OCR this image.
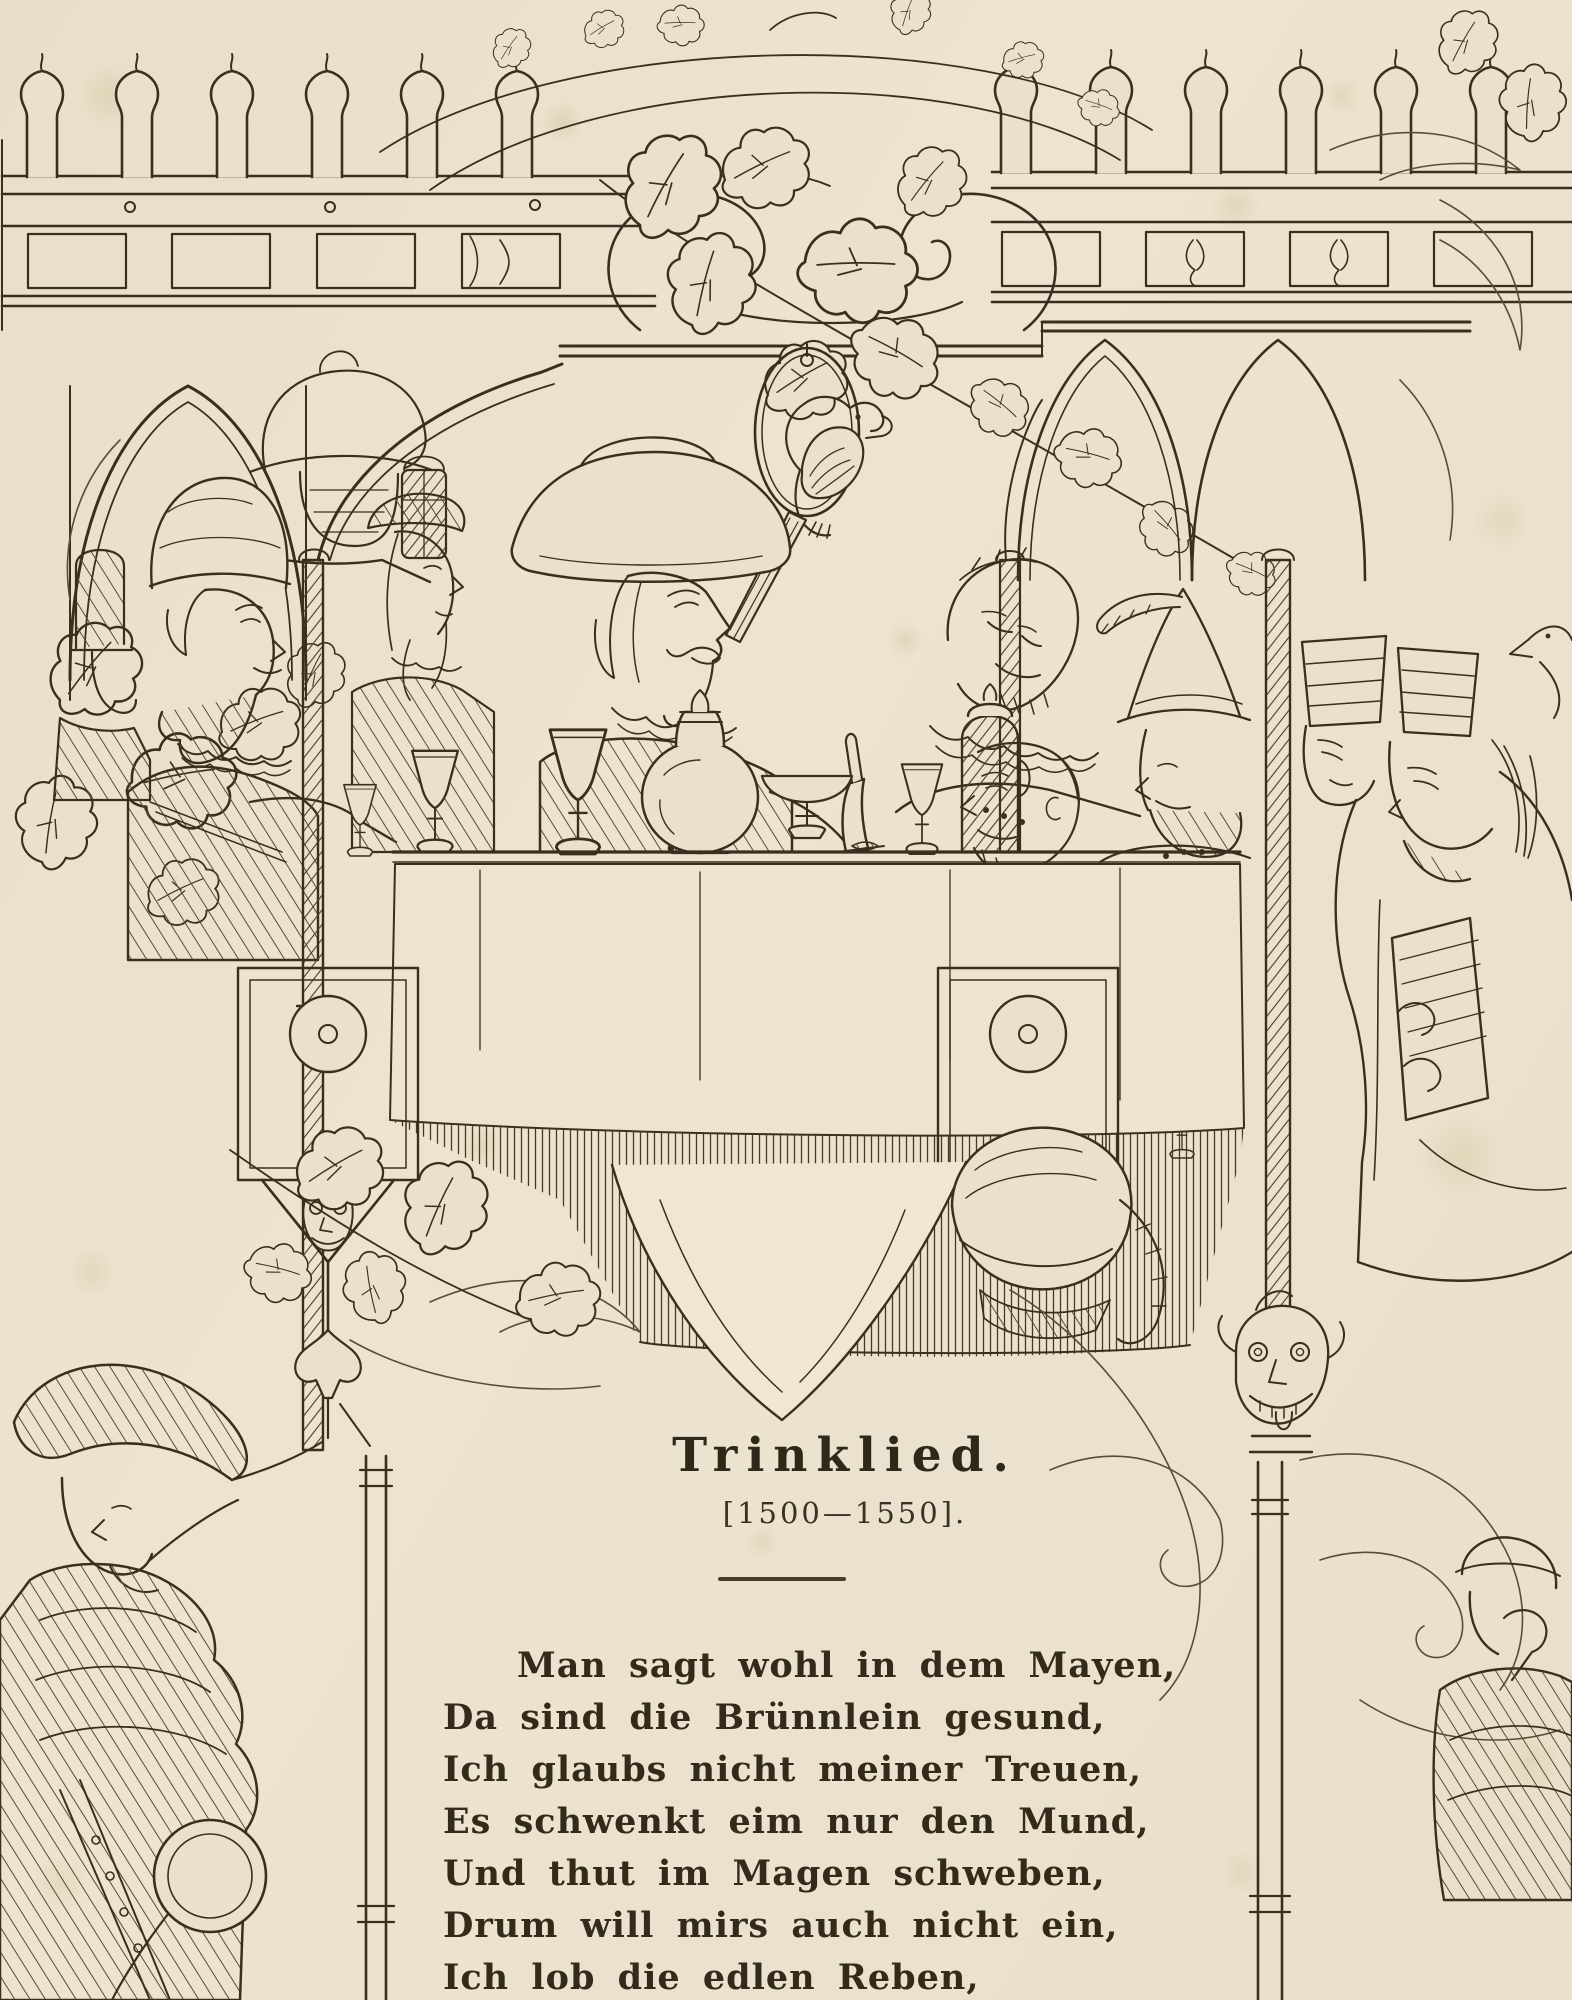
Trinklied.
[1500—1550].

Man sagt wohl in dem Mayen,

Da sind die Brünnlein gesund,

Ich glaubs nicht meiner Treuen,

Es schwenkt eim nur den Mund,

Und thut im Magen schweben,

Drum will mirs auch nicht ein,

Ich lob die edlen Reben,
